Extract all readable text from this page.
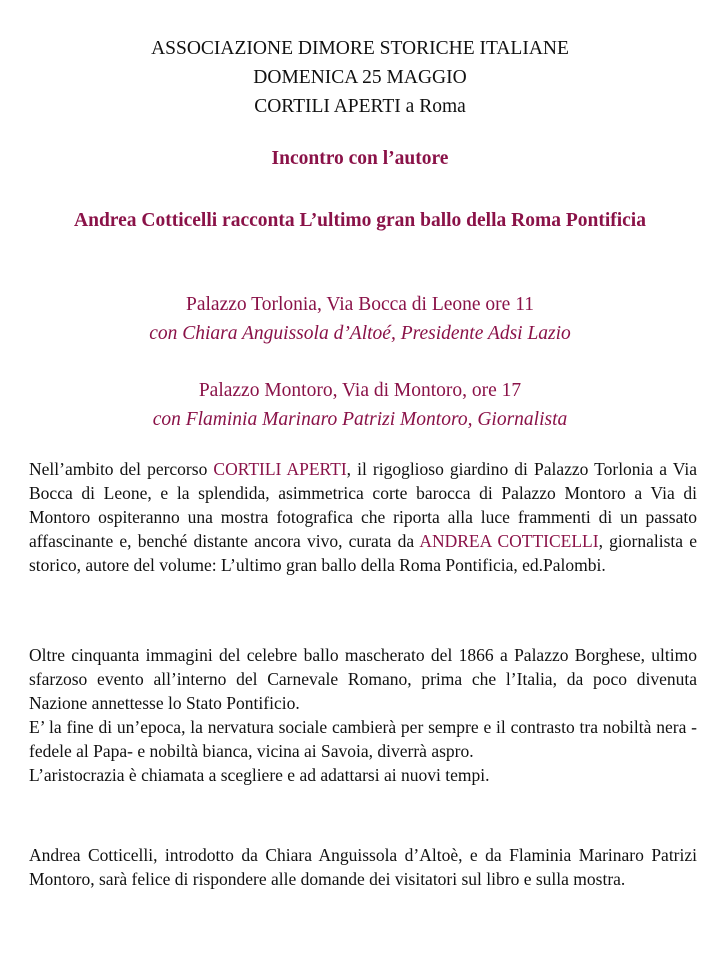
ASSOCIAZIONE DIMORE STORICHE ITALIANE

DOMENICA 25 MAGGIO

CORTILI APERTI a Roma

Incontro con l’autore
Andrea Cotticelli racconta L’ultimo gran ballo della Roma Pontificia
Palazzo Torlonia, Via Bocca di Leone ore 11
con Chiara Anguissola d’Altoé, Presidente Adsi Lazio
Palazzo Montoro, Via di Montoro, ore 17
con Flaminia Marinaro Patrizi Montoro, Giornalista

Nell’ambito del percorso CORTILI APERTI, il rigoglioso giardino di Palazzo Torlonia a Via Bocca di Leone, e la splendida, asimmetrica corte barocca di Palazzo Montoro a Via di Montoro ospiteranno una mostra fotografica che riporta alla luce frammenti di un passato affascinante e, benché distante ancora vivo, curata da ANDREA COTTICELLI, giornalista e storico, autore del volume: L’ultimo gran ballo della Roma Pontificia, ed.Palombi.

Oltre cinquanta immagini del celebre ballo mascherato del 1866 a Palazzo Borghese, ultimo sfarzoso evento all’interno del Carnevale Romano, prima che l’Italia, da poco divenuta Nazione annettesse lo Stato Pontificio.

E’ la fine di un’epoca, la nervatura sociale cambierà per sempre e il contrasto tra nobiltà nera -fedele al Papa- e nobiltà bianca, vicina ai Savoia, diverrà aspro.

L’aristocrazia è chiamata a scegliere e ad adattarsi ai nuovi tempi.

Andrea Cotticelli, introdotto da Chiara Anguissola d’Altoè, e da Flaminia Marinaro Patrizi Montoro, sarà felice di rispondere alle domande dei visitatori sul libro e sulla mostra.
